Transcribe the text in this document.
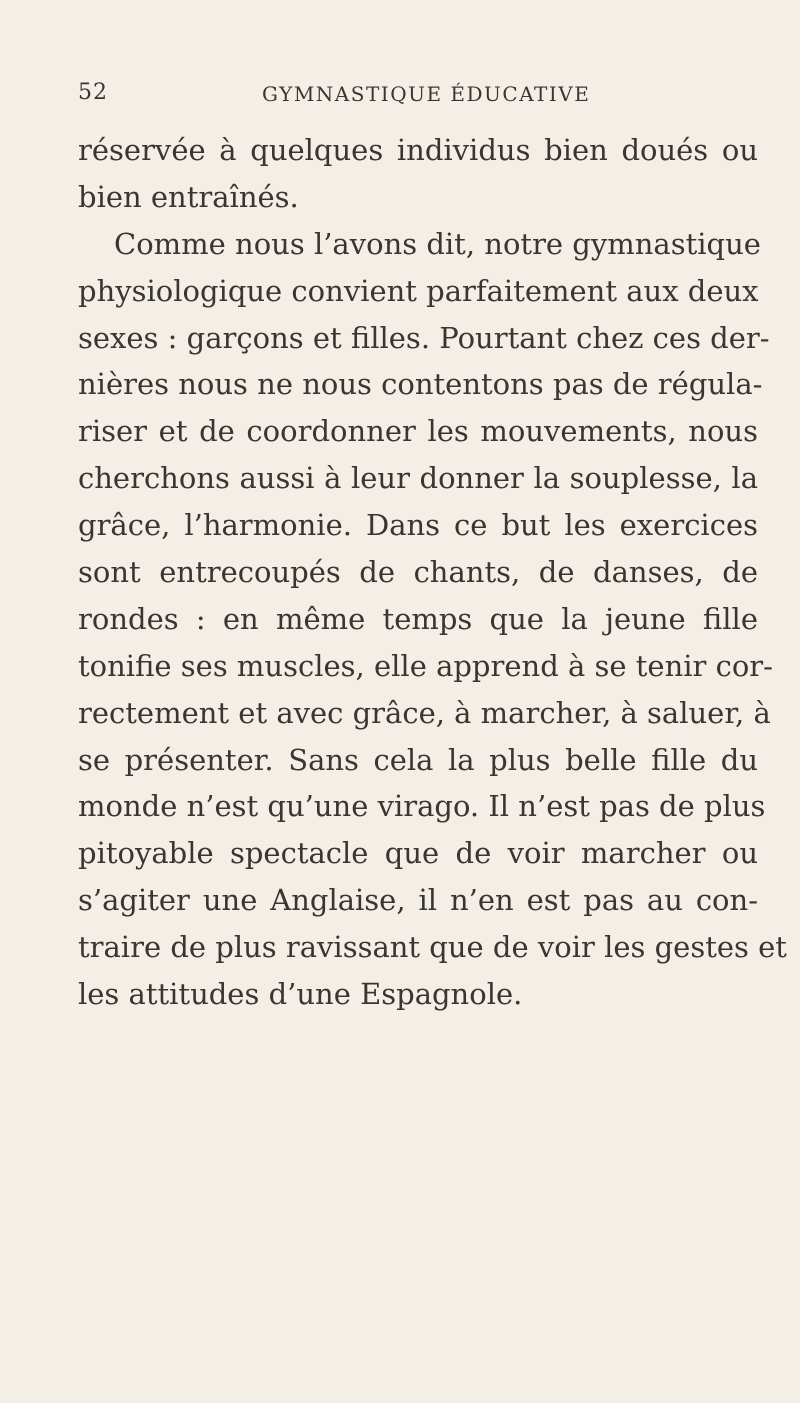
52	GYMNASTIQUE ÉDUCATIVE
réservée à quelques individus bien doués ou
bien entraînés.
Comme nous l’avons dit, notre gymnastique
physiologique convient parfaitement aux deux
sexes : garçons et filles. Pourtant chez ces der-
nières nous ne nous contentons pas de régula-
riser et de coordonner les mouvements, nous
cherchons aussi à leur donner la souplesse, la
grâce, l’harmonie. Dans ce but les exercices
sont entrecoupés de chants, de danses, de
rondes : en même temps que la jeune fille
tonifie ses muscles, elle apprend à se tenir cor-
rectement et avec grâce, à marcher, à saluer, à
se présenter. Sans cela la plus belle fille du
monde n’est qu’une virago. Il n’est pas de plus
pitoyable spectacle que de voir marcher ou
s’agiter une Anglaise, il n’en est pas au con-
traire de plus ravissant que de voir les gestes et
les attitudes d’une Espagnole.
